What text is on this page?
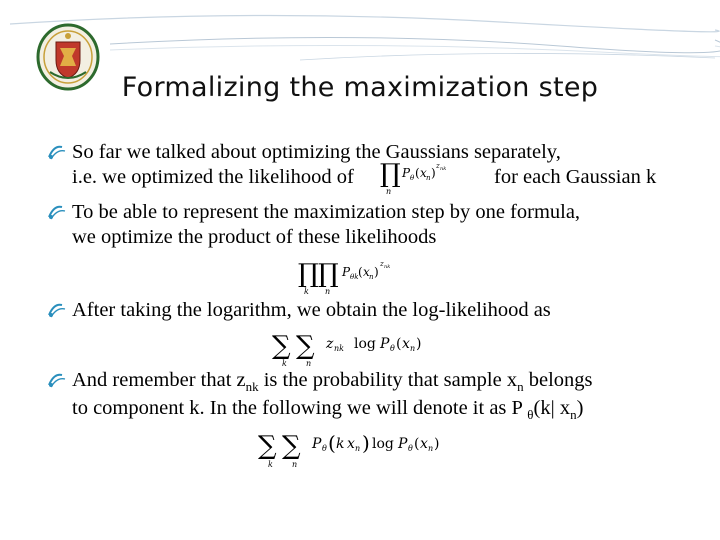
Formalizing the maximization step
So far we talked about optimizing the Gaussians separately,
i.e. we optimized the likelihood of ∏
n
P θ ( x n ) z nk for each Gaussian k
To be able to represent the maximization step by one formula,
we optimize the product of these likelihoods
∏ ∏
k n
P θk ( x n )
z nk
After taking the logarithm, we obtain the log-likelihood as
∑ ∑
k n
z nk log P θ ( x n )
And remember that $z_{nk}$ is the probability that sample $x_n$ belongs
to component k. In the following we will denote it as P $_\theta$(k| $x_n$)
∑ ∑
k n
P θ ( k x n ) log P θ ( x n )
